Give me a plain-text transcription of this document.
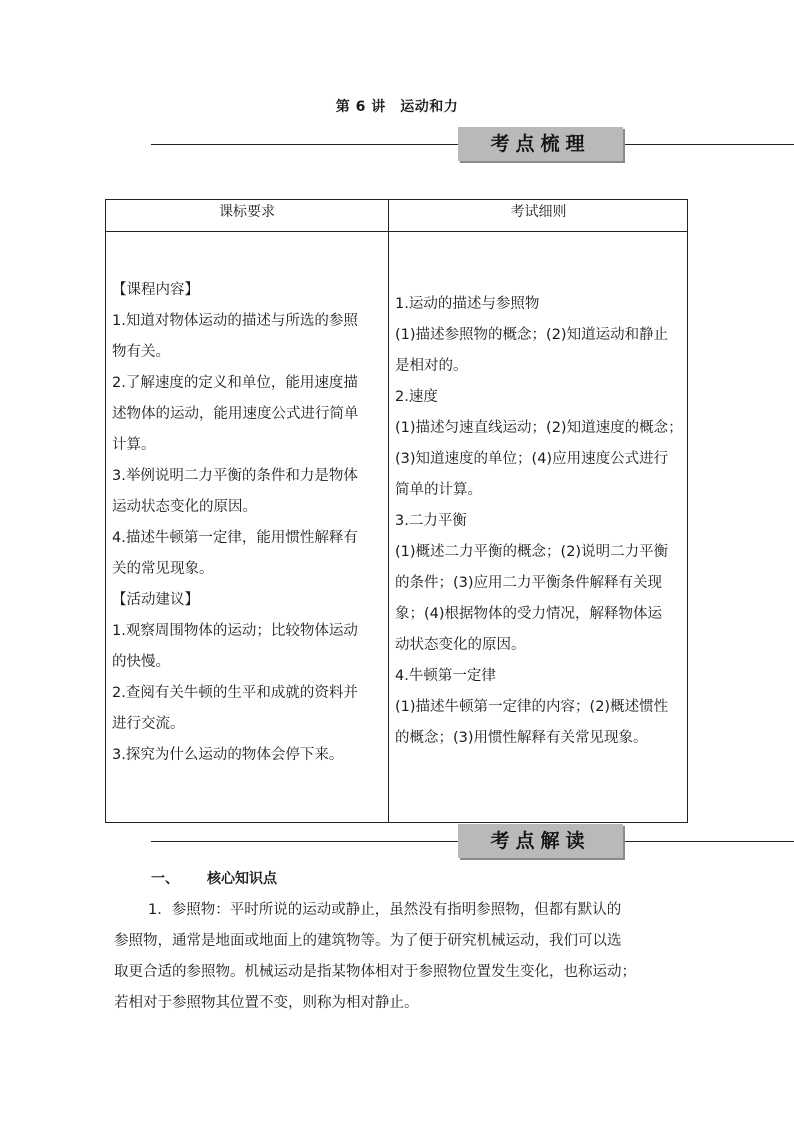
第 6 讲　运动和力
考点梳理
课标要求	考试细则
【课程内容】
1.知道对物体运动的描述与所选的参照
物有关。
2.了解速度的定义和单位，能用速度描
述物体的运动，能用速度公式进行简单
计算。
3.举例说明二力平衡的条件和力是物体
运动状态变化的原因。
4.描述牛顿第一定律，能用惯性解释有
关的常见现象。
【活动建议】
1.观察周围物体的运动；比较物体运动
的快慢。
2.查阅有关牛顿的生平和成就的资料并
进行交流。
3.探究为什么运动的物体会停下来。
1.运动的描述与参照物
(1)描述参照物的概念；(2)知道运动和静止
是相对的。
2.速度
(1)描述匀速直线运动；(2)知道速度的概念；
(3)知道速度的单位；(4)应用速度公式进行
简单的计算。
3.二力平衡
(1)概述二力平衡的概念；(2)说明二力平衡
的条件；(3)应用二力平衡条件解释有关现
象；(4)根据物体的受力情况，解释物体运
动状态变化的原因。
4.牛顿第一定律
(1)描述牛顿第一定律的内容；(2)概述惯性
的概念；(3)用惯性解释有关常见现象。
考点解读
一、 核心知识点
1．参照物：平时所说的运动或静止，虽然没有指明参照物，但都有默认的
参照物，通常是地面或地面上的建筑物等。为了便于研究机械运动，我们可以选
取更合适的参照物。机械运动是指某物体相对于参照物位置发生变化，也称运动；
若相对于参照物其位置不变，则称为相对静止。
